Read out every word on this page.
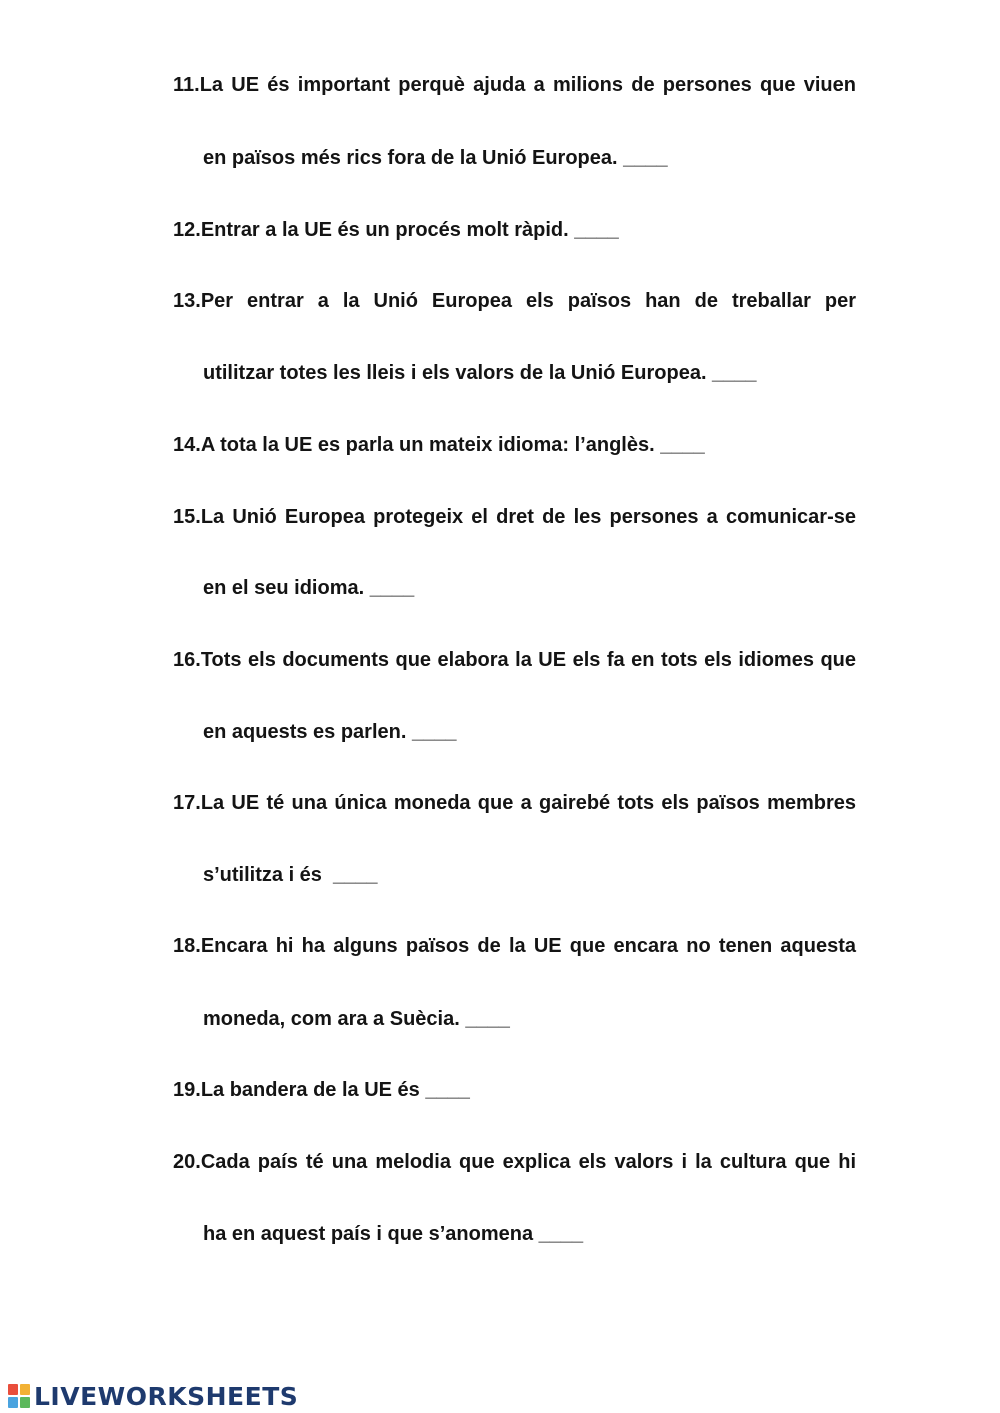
11.La UE és important perquè ajuda a milions de persones que viuen
en països més rics fora de la Unió Europea. ____
12.Entrar a la UE és un procés molt ràpid. ____
13.Per entrar a la Unió Europea els països han de treballar per
utilitzar totes les lleis i els valors de la Unió Europea. ____
14.A tota la UE es parla un mateix idioma: l’anglès. ____
15.La Unió Europea protegeix el dret de les persones a comunicar-se
en el seu idioma. ____
16.Tots els documents que elabora la UE els fa en tots els idiomes que
en aquests es parlen. ____
17.La UE té una única moneda que a gairebé tots els països membres
s’utilitza i és  ____
18.Encara hi ha alguns països de la UE que encara no tenen aquesta
moneda, com ara a Suècia. ____
19.La bandera de la UE és ____
20.Cada país té una melodia que explica els valors i la cultura que hi
ha en aquest país i que s’anomena ____
LIVEWORKSHEETS
